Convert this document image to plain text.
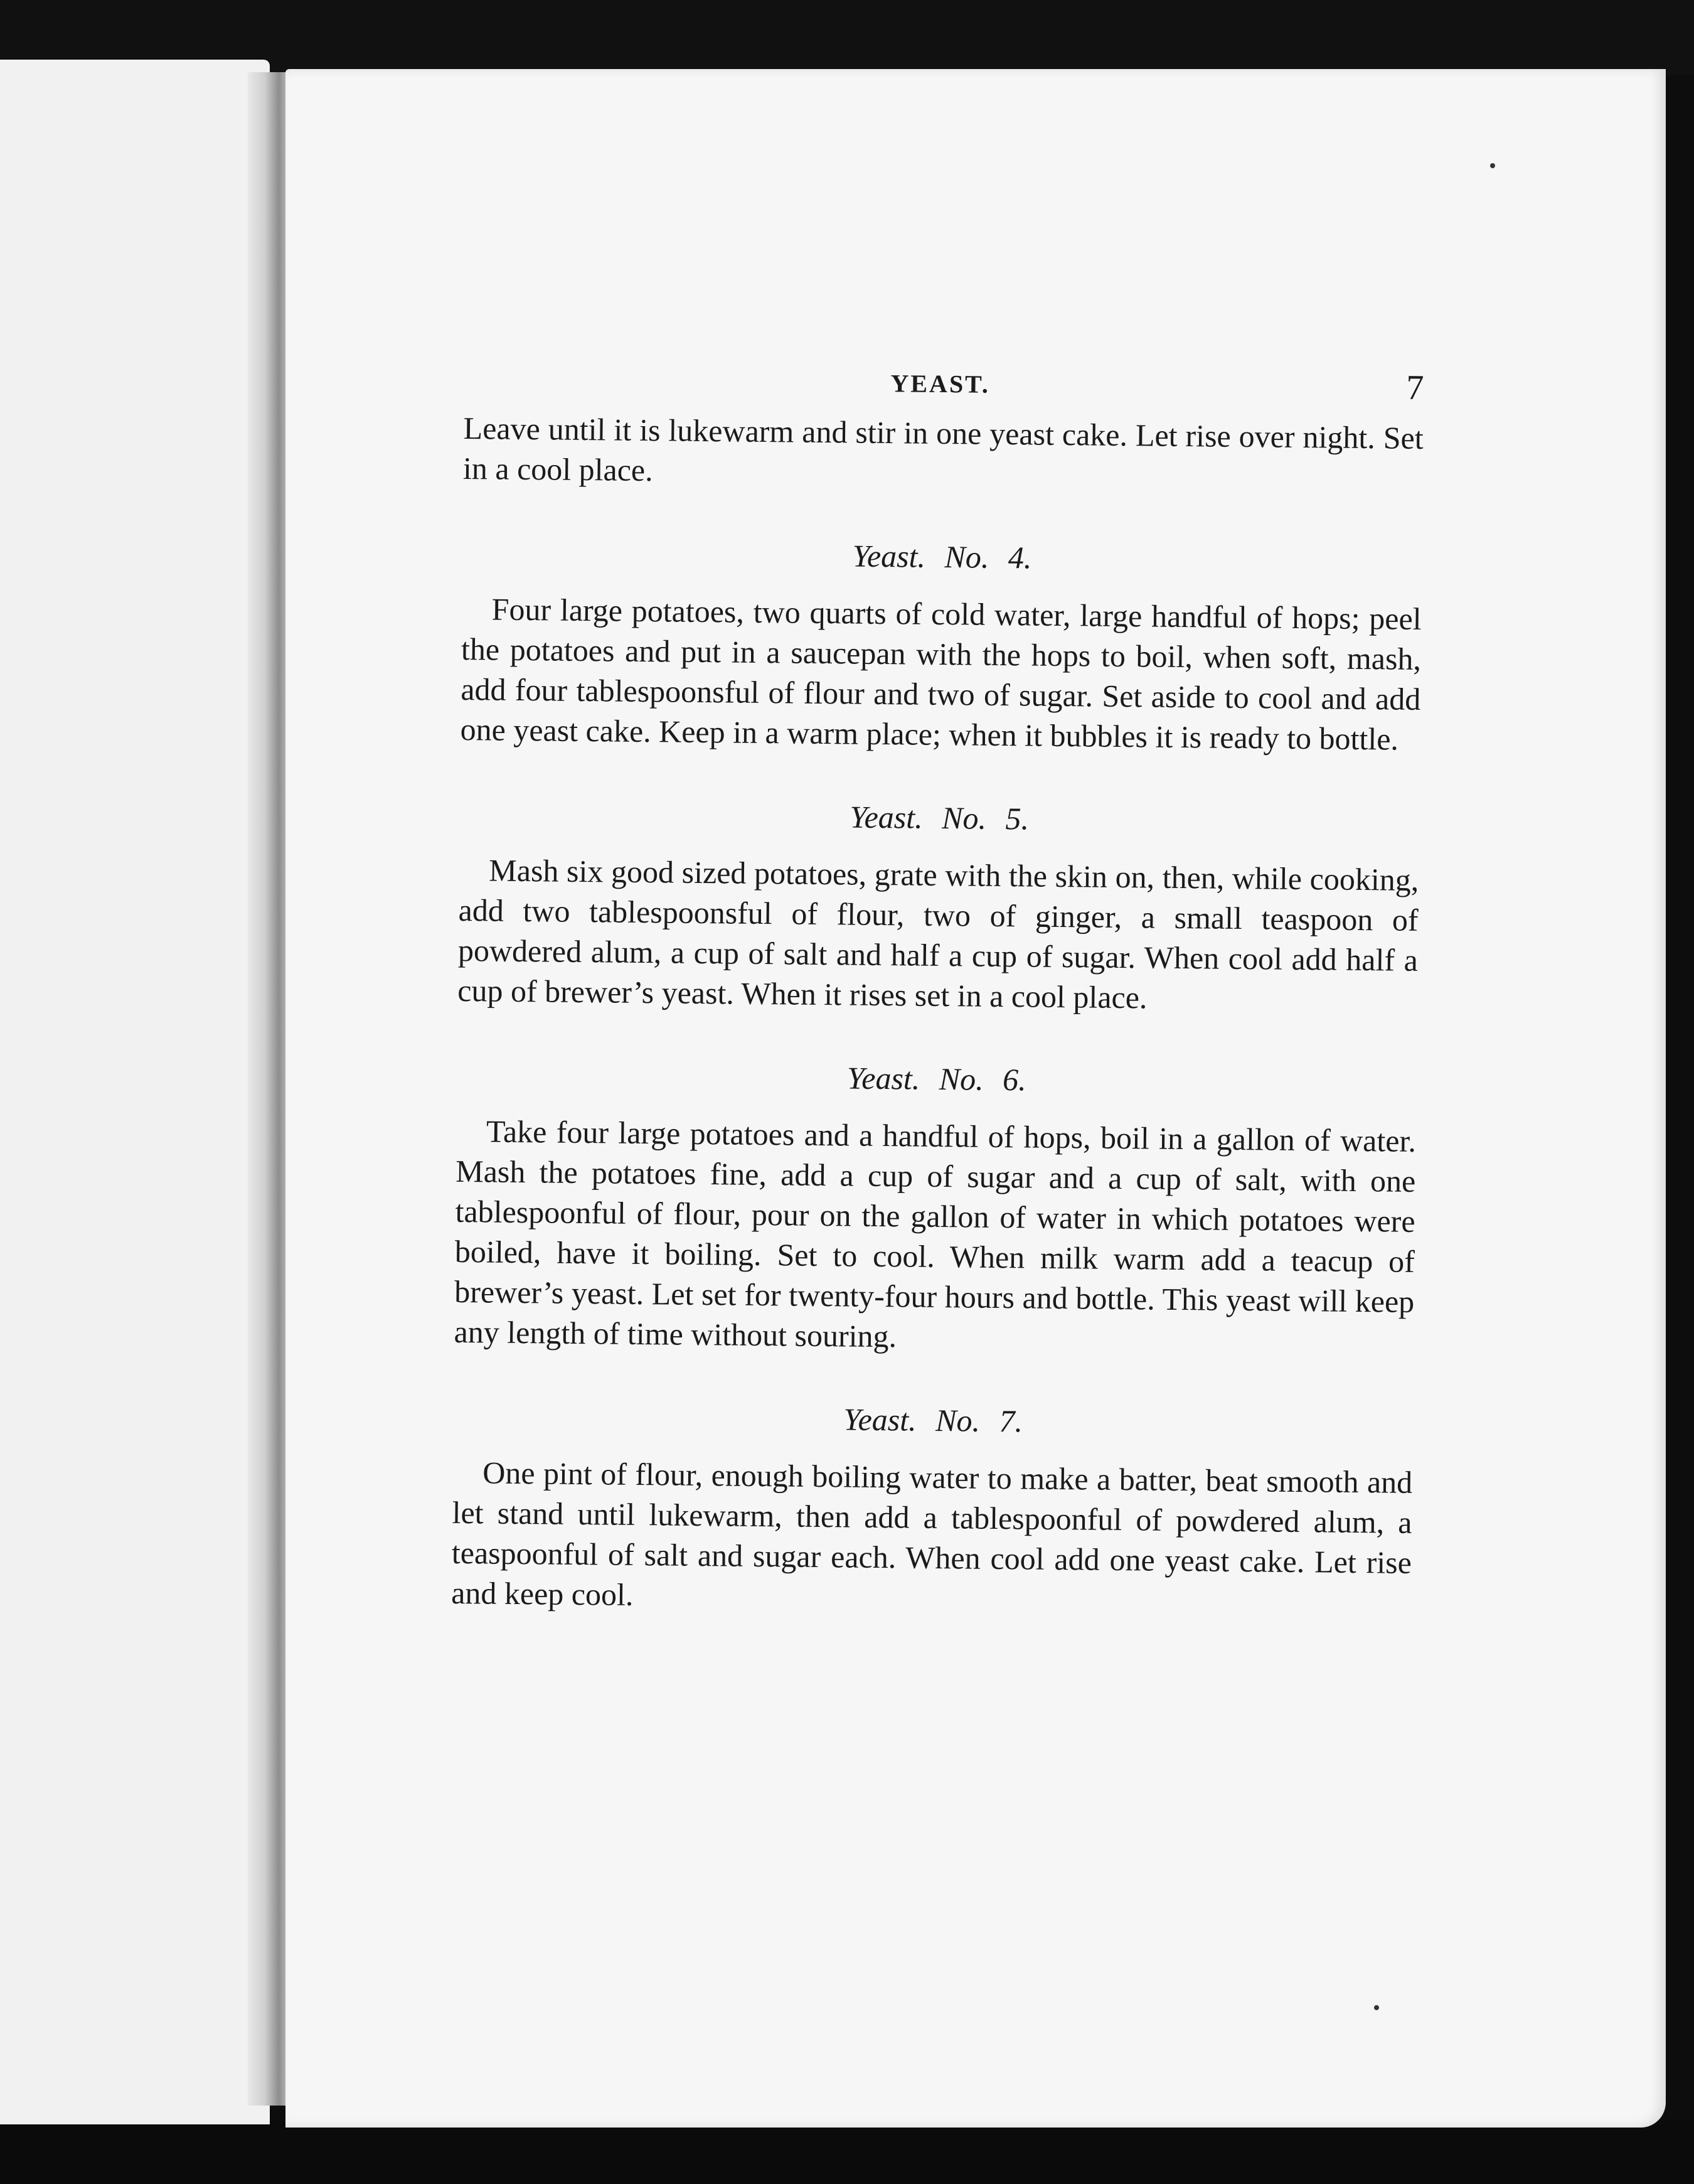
YEAST.	7

Leave until it is lukewarm and stir in one yeast cake. Let rise over night. Set in a cool place.

Yeast. No. 4.

Four large potatoes, two quarts of cold water, large handful of hops; peel the potatoes and put in a saucepan with the hops to boil, when soft, mash, add four tablespoonsful of flour and two of sugar. Set aside to cool and add one yeast cake. Keep in a warm place; when it bubbles it is ready to bottle.

Yeast. No. 5.

Mash six good sized potatoes, grate with the skin on, then, while cooking, add two tablespoonsful of flour, two of ginger, a small teaspoon of powdered alum, a cup of salt and half a cup of sugar. When cool add half a cup of brewer’s yeast. When it rises set in a cool place.

Yeast. No. 6.

Take four large potatoes and a handful of hops, boil in a gallon of water. Mash the potatoes fine, add a cup of sugar and a cup of salt, with one tablespoonful of flour, pour on the gallon of water in which potatoes were boiled, have it boiling. Set to cool. When milk warm add a teacup of brewer’s yeast. Let set for twenty-four hours and bottle. This yeast will keep any length of time without souring.

Yeast. No. 7.

One pint of flour, enough boiling water to make a batter, beat smooth and let stand until lukewarm, then add a tablespoonful of powdered alum, a teaspoonful of salt and sugar each. When cool add one yeast cake. Let rise and keep cool.
